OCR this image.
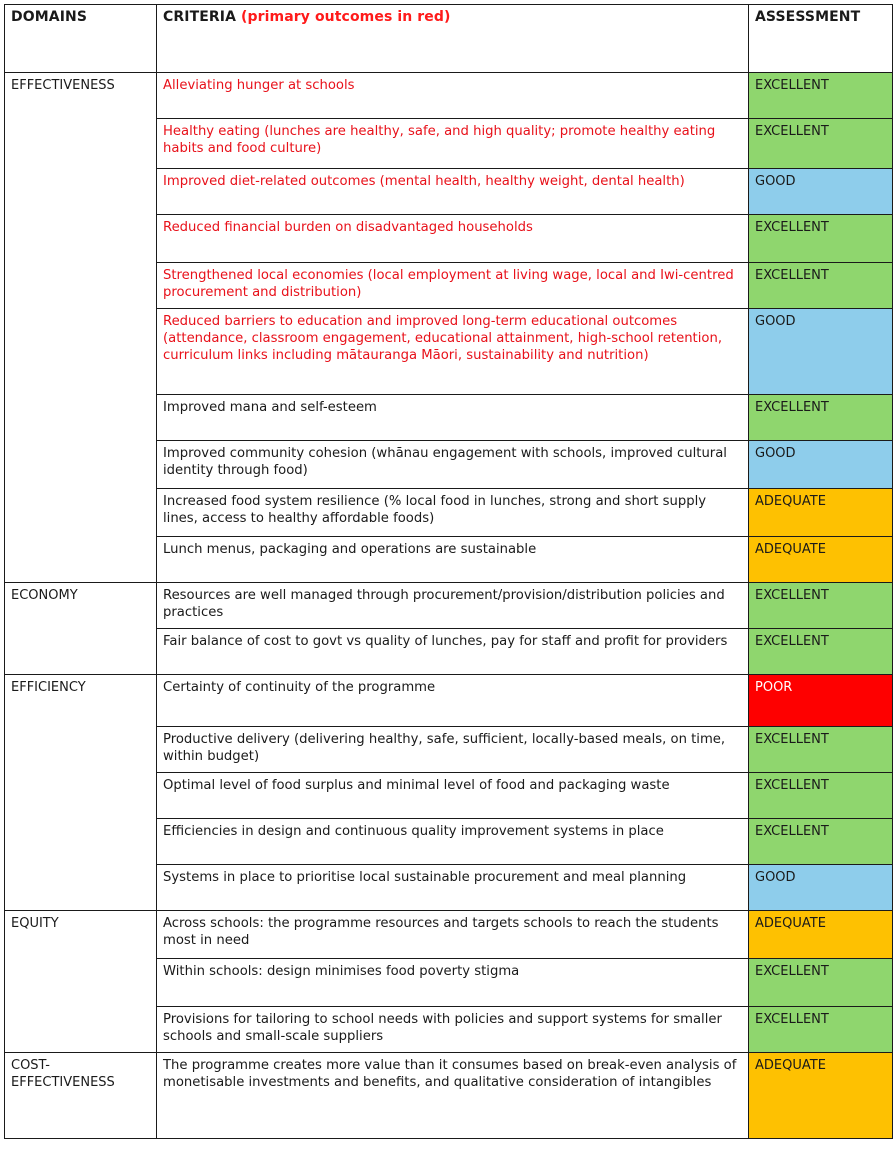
DOMAINS	CRITERIA (primary outcomes in red)	ASSESSMENT
EFFECTIVENESS	Alleviating hunger at schools	EXCELLENT
	Healthy eating (lunches are healthy, safe, and high quality; promote healthy eating habits and food culture)	EXCELLENT
	Improved diet-related outcomes (mental health, healthy weight, dental health)	GOOD
	Reduced financial burden on disadvantaged households	EXCELLENT
	Strengthened local economies (local employment at living wage, local and Iwi-centred procurement and distribution)	EXCELLENT
	Reduced barriers to education and improved long-term educational outcomes (attendance, classroom engagement, educational attainment, high-school retention, curriculum links including mātauranga Māori, sustainability and nutrition)	GOOD
	Improved mana and self-esteem	EXCELLENT
	Improved community cohesion (whānau engagement with schools, improved cultural identity through food)	GOOD
	Increased food system resilience (% local food in lunches, strong and short supply lines, access to healthy affordable foods)	ADEQUATE
	Lunch menus, packaging and operations are sustainable	ADEQUATE
ECONOMY	Resources are well managed through procurement/provision/distribution policies and practices	EXCELLENT
	Fair balance of cost to govt vs quality of lunches, pay for staff and profit for providers	EXCELLENT
EFFICIENCY	Certainty of continuity of the programme	POOR
	Productive delivery (delivering healthy, safe, sufficient, locally-based meals, on time, within budget)	EXCELLENT
	Optimal level of food surplus and minimal level of food and packaging waste	EXCELLENT
	Efficiencies in design and continuous quality improvement systems in place	EXCELLENT
	Systems in place to prioritise local sustainable procurement and meal planning	GOOD
EQUITY	Across schools: the programme resources and targets schools to reach the students most in need	ADEQUATE
	Within schools: design minimises food poverty stigma	EXCELLENT
	Provisions for tailoring to school needs with policies and support systems for smaller schools and small-scale suppliers	EXCELLENT
COST-
EFFECTIVENESS	The programme creates more value than it consumes based on break-even analysis of monetisable investments and benefits, and qualitative consideration of intangibles	ADEQUATE
